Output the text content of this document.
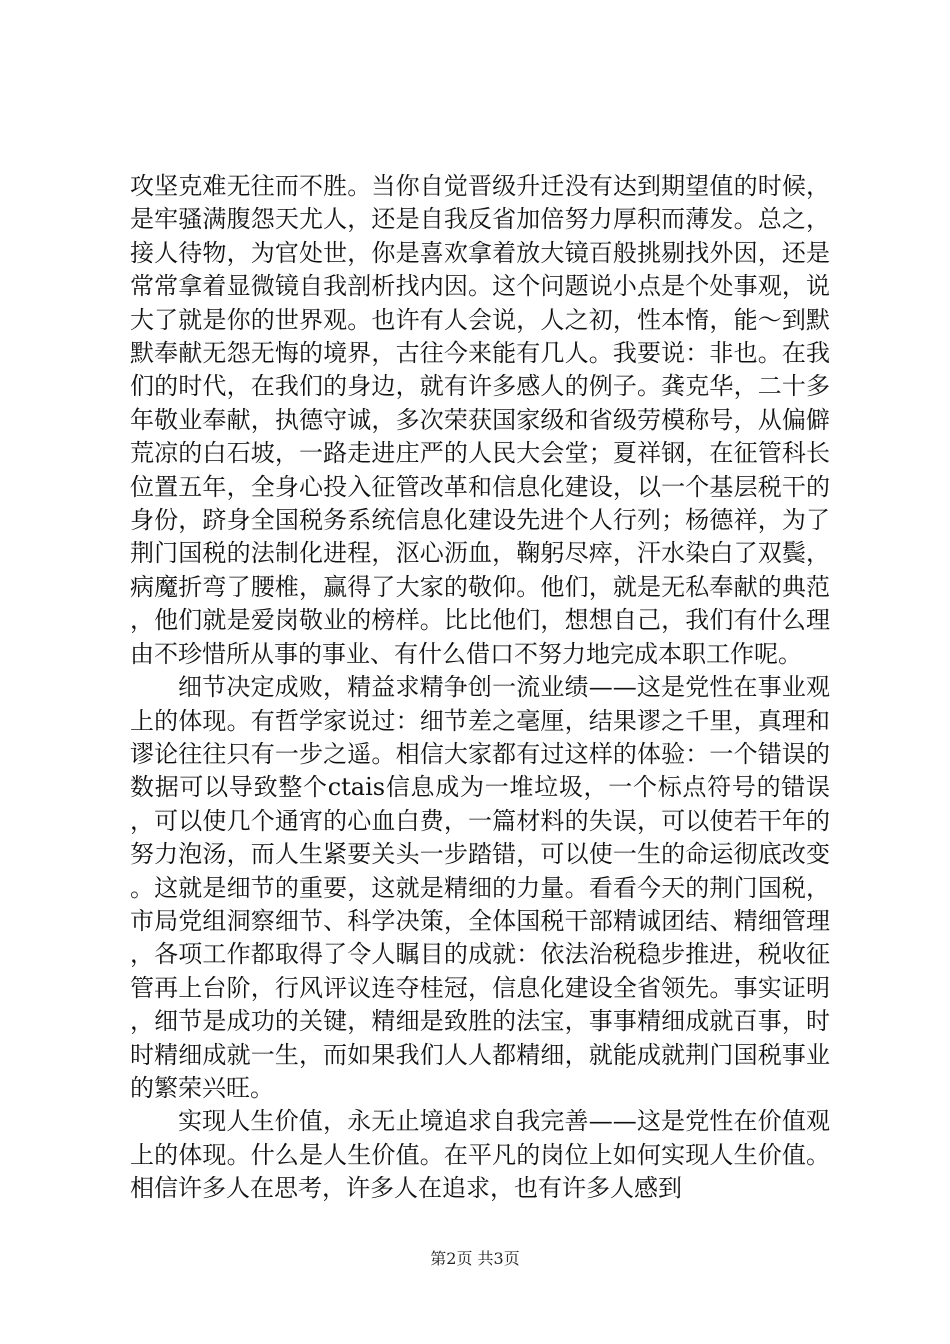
攻坚克难无往而不胜。当你自觉晋级升迁没有达到期望值的时候，是牢骚满腹怨天尤人，还是自我反省加倍努力厚积而薄发。总之，接人待物，为官处世，你是喜欢拿着放大镜百般挑剔找外因，还是常常拿着显微镜自我剖析找内因。这个问题说小点是个处事观，说大了就是你的世界观。也许有人会说，人之初，性本惰，能～到默默奉献无怨无悔的境界，古往今来能有几人。我要说：非也。在我们的时代，在我们的身边，就有许多感人的例子。龚克华，二十多年敬业奉献，执德守诚，多次荣获国家级和省级劳模称号，从偏僻荒凉的白石坡，一路走进庄严的人民大会堂；夏祥钢，在征管科长位置五年，全身心投入征管改革和信息化建设，以一个基层税干的身份，跻身全国税务系统信息化建设先进个人行列；杨德祥，为了荆门国税的法制化进程，沤心沥血，鞠躬尽瘁，汗水染白了双鬓，病魔折弯了腰椎，赢得了大家的敬仰。他们，就是无私奉献的典范，他们就是爱岗敬业的榜样。比比他们，想想自己，我们有什么理由不珍惜所从事的事业、有什么借口不努力地完成本职工作呢。

细节决定成败，精益求精争创一流业绩——这是党性在事业观上的体现。有哲学家说过：细节差之毫厘，结果谬之千里，真理和谬论往往只有一步之遥。相信大家都有过这样的体验：一个错误的数据可以导致整个ctais信息成为一堆垃圾，一个标点符号的错误，可以使几个通宵的心血白费，一篇材料的失误，可以使若干年的努力泡汤，而人生紧要关头一步踏错，可以使一生的命运彻底改变。这就是细节的重要，这就是精细的力量。看看今天的荆门国税，市局党组洞察细节、科学决策，全体国税干部精诚团结、精细管理，各项工作都取得了令人瞩目的成就：依法治税稳步推进，税收征管再上台阶，行风评议连夺桂冠，信息化建设全省领先。事实证明，细节是成功的关键，精细是致胜的法宝，事事精细成就百事，时时精细成就一生，而如果我们人人都精细，就能成就荆门国税事业的繁荣兴旺。

实现人生价值，永无止境追求自我完善——这是党性在价值观上的体现。什么是人生价值。在平凡的岗位上如何实现人生价值。相信许多人在思考，许多人在追求，也有许多人感到

第2页 共3页
